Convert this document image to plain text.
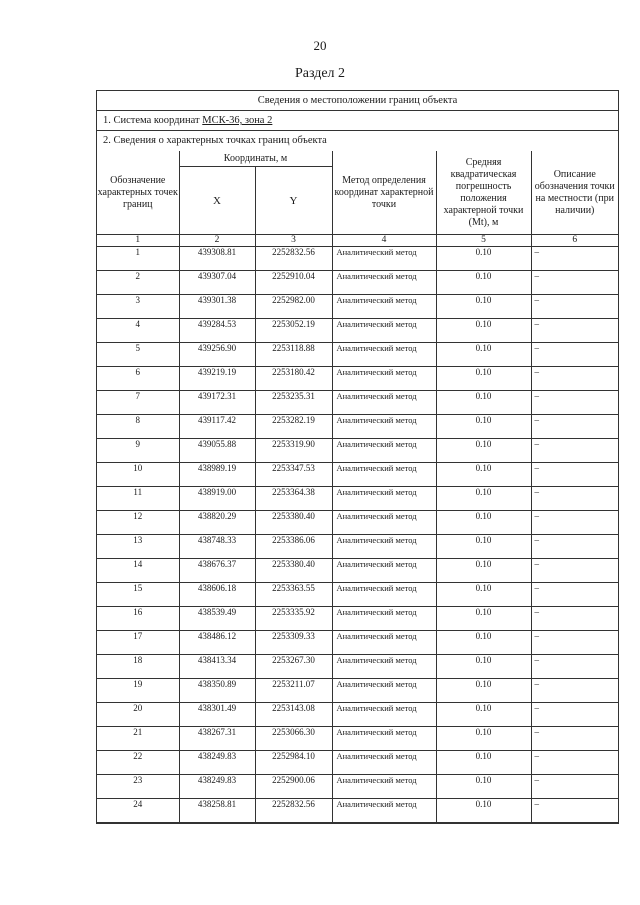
20
Раздел 2
Сведения о местоположении границ объекта
1. Система координат МСК-36, зона 2
2. Сведения о характерных точках границ объекта
Обозначение характерных точек границ	Координаты, м		Метод определения координат характерной точки	Средняя квадратическая погрешность положения характерной точки (Мt), м	Описание обозначения точки на местности (при наличии)
	X	Y			
1	2	3	4	5	6
1	439308.81	2252832.56	Аналитический метод	0.10	–
2	439307.04	2252910.04	Аналитический метод	0.10	–
3	439301.38	2252982.00	Аналитический метод	0.10	–
4	439284.53	2253052.19	Аналитический метод	0.10	–
5	439256.90	2253118.88	Аналитический метод	0.10	–
6	439219.19	2253180.42	Аналитический метод	0.10	–
7	439172.31	2253235.31	Аналитический метод	0.10	–
8	439117.42	2253282.19	Аналитический метод	0.10	–
9	439055.88	2253319.90	Аналитический метод	0.10	–
10	438989.19	2253347.53	Аналитический метод	0.10	–
11	438919.00	2253364.38	Аналитический метод	0.10	–
12	438820.29	2253380.40	Аналитический метод	0.10	–
13	438748.33	2253386.06	Аналитический метод	0.10	–
14	438676.37	2253380.40	Аналитический метод	0.10	–
15	438606.18	2253363.55	Аналитический метод	0.10	–
16	438539.49	2253335.92	Аналитический метод	0.10	–
17	438486.12	2253309.33	Аналитический метод	0.10	–
18	438413.34	2253267.30	Аналитический метод	0.10	–
19	438350.89	2253211.07	Аналитический метод	0.10	–
20	438301.49	2253143.08	Аналитический метод	0.10	–
21	438267.31	2253066.30	Аналитический метод	0.10	–
22	438249.83	2252984.10	Аналитический метод	0.10	–
23	438249.83	2252900.06	Аналитический метод	0.10	–
24	438258.81	2252832.56	Аналитический метод	0.10	–
